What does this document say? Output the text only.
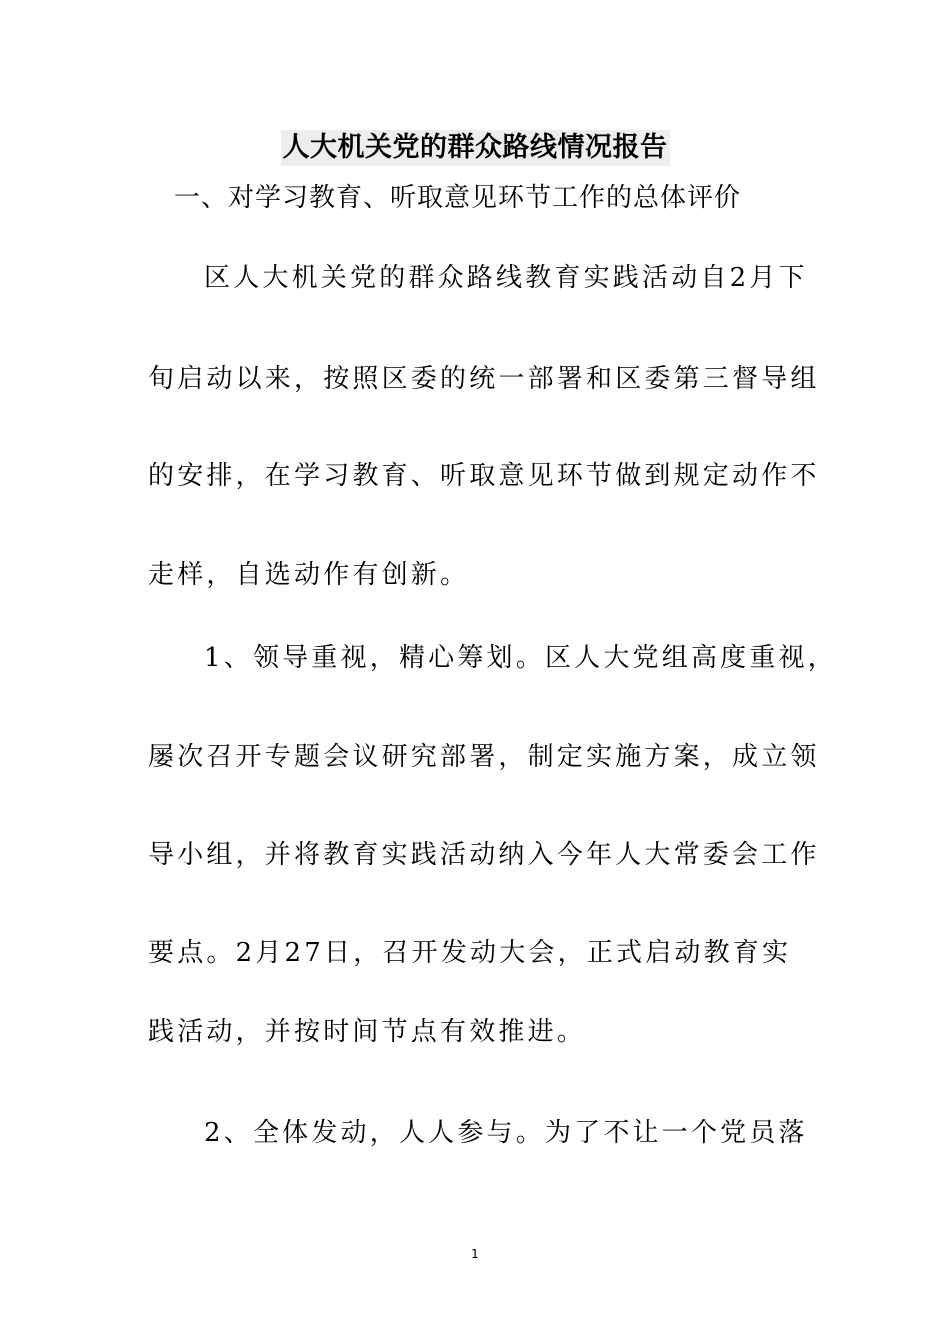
人大机关党的群众路线情况报告
一、对学习教育、听取意见环节工作的总体评价
区人大机关党的群众路线教育实践活动自2月下
旬启动以来，按照区委的统一部署和区委第三督导组
的安排，在学习教育、听取意见环节做到规定动作不
走样，自选动作有创新。
1、领导重视，精心筹划。区人大党组高度重视，
屡次召开专题会议研究部署，制定实施方案，成立领
导小组，并将教育实践活动纳入今年人大常委会工作
要点。2月27日，召开发动大会，正式启动教育实
践活动，并按时间节点有效推进。
2、全体发动，人人参与。为了不让一个党员落
1
